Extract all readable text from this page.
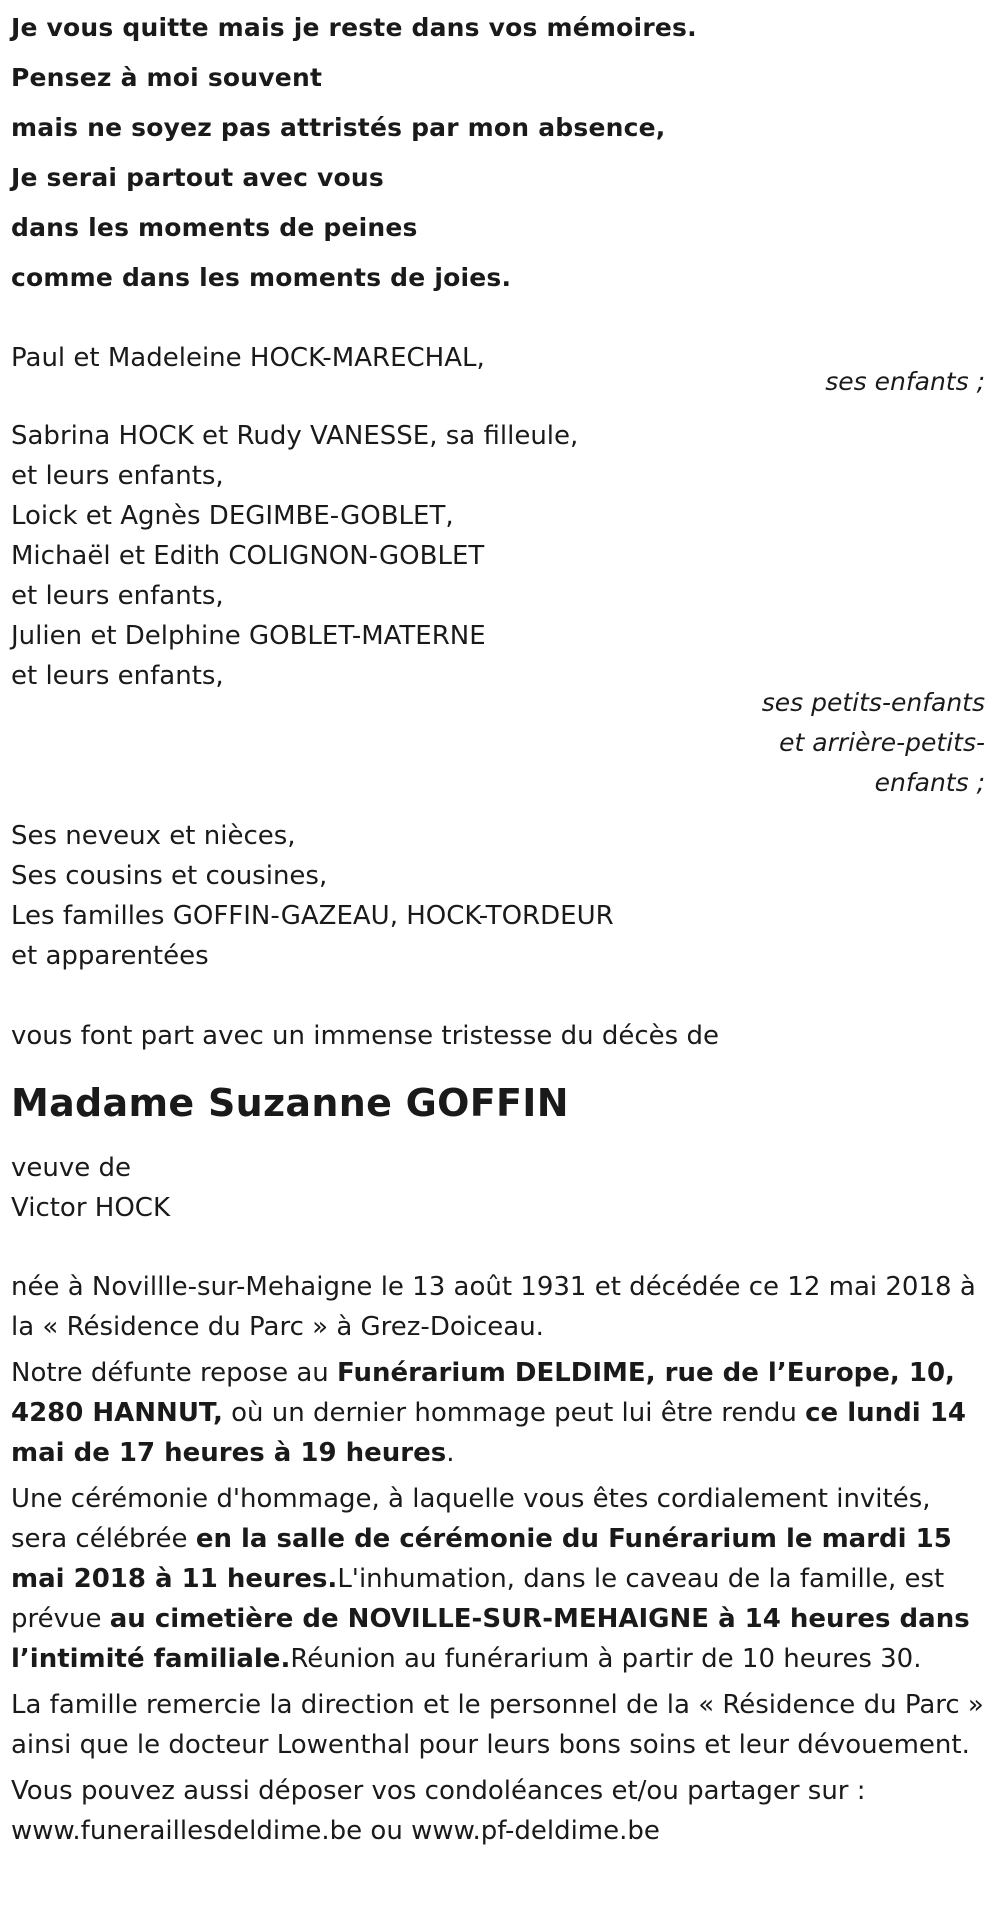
Je vous quitte mais je reste dans vos mémoires.
Pensez à moi souvent
mais ne soyez pas attristés par mon absence,
Je serai partout avec vous
dans les moments de peines
comme dans les moments de joies.
Paul et Madeleine HOCK-MARECHAL,
ses enfants ;
Sabrina HOCK et Rudy VANESSE, sa filleule,
et leurs enfants,
Loick et Agnès DEGIMBE-GOBLET,
Michaël et Edith COLIGNON-GOBLET
et leurs enfants,
Julien et Delphine GOBLET-MATERNE
et leurs enfants,
ses petits-enfants
et arrière-petits-
enfants ;
Ses neveux et nièces,
Ses cousins et cousines,
Les familles GOFFIN-GAZEAU, HOCK-TORDEUR
et apparentées
vous font part avec un immense tristesse du décès de
Madame Suzanne GOFFIN
veuve de
Victor HOCK
née à Novillle-sur-Mehaigne le 13 août 1931 et décédée ce 12 mai 2018 à la « Résidence du Parc » à Grez-Doiceau.
Notre défunte repose au Funérarium DELDIME, rue de l’Europe, 10, 4280 HANNUT, où un dernier hommage peut lui être rendu ce lundi 14 mai de 17 heures à 19 heures.
Une cérémonie d'hommage, à laquelle vous êtes cordialement invités, sera célébrée en la salle de cérémonie du Funérarium le mardi 15 mai 2018 à 11 heures.L'inhumation, dans le caveau de la famille, est prévue au cimetière de NOVILLE-SUR-MEHAIGNE à 14 heures dans l’intimité familiale.Réunion au funérarium à partir de 10 heures 30.
La famille remercie la direction et le personnel de la « Résidence du Parc » ainsi que le docteur Lowenthal pour leurs bons soins et leur dévouement.
Vous pouvez aussi déposer vos condoléances et/ou partager sur : www.funeraillesdeldime.be ou www.pf-deldime.be
